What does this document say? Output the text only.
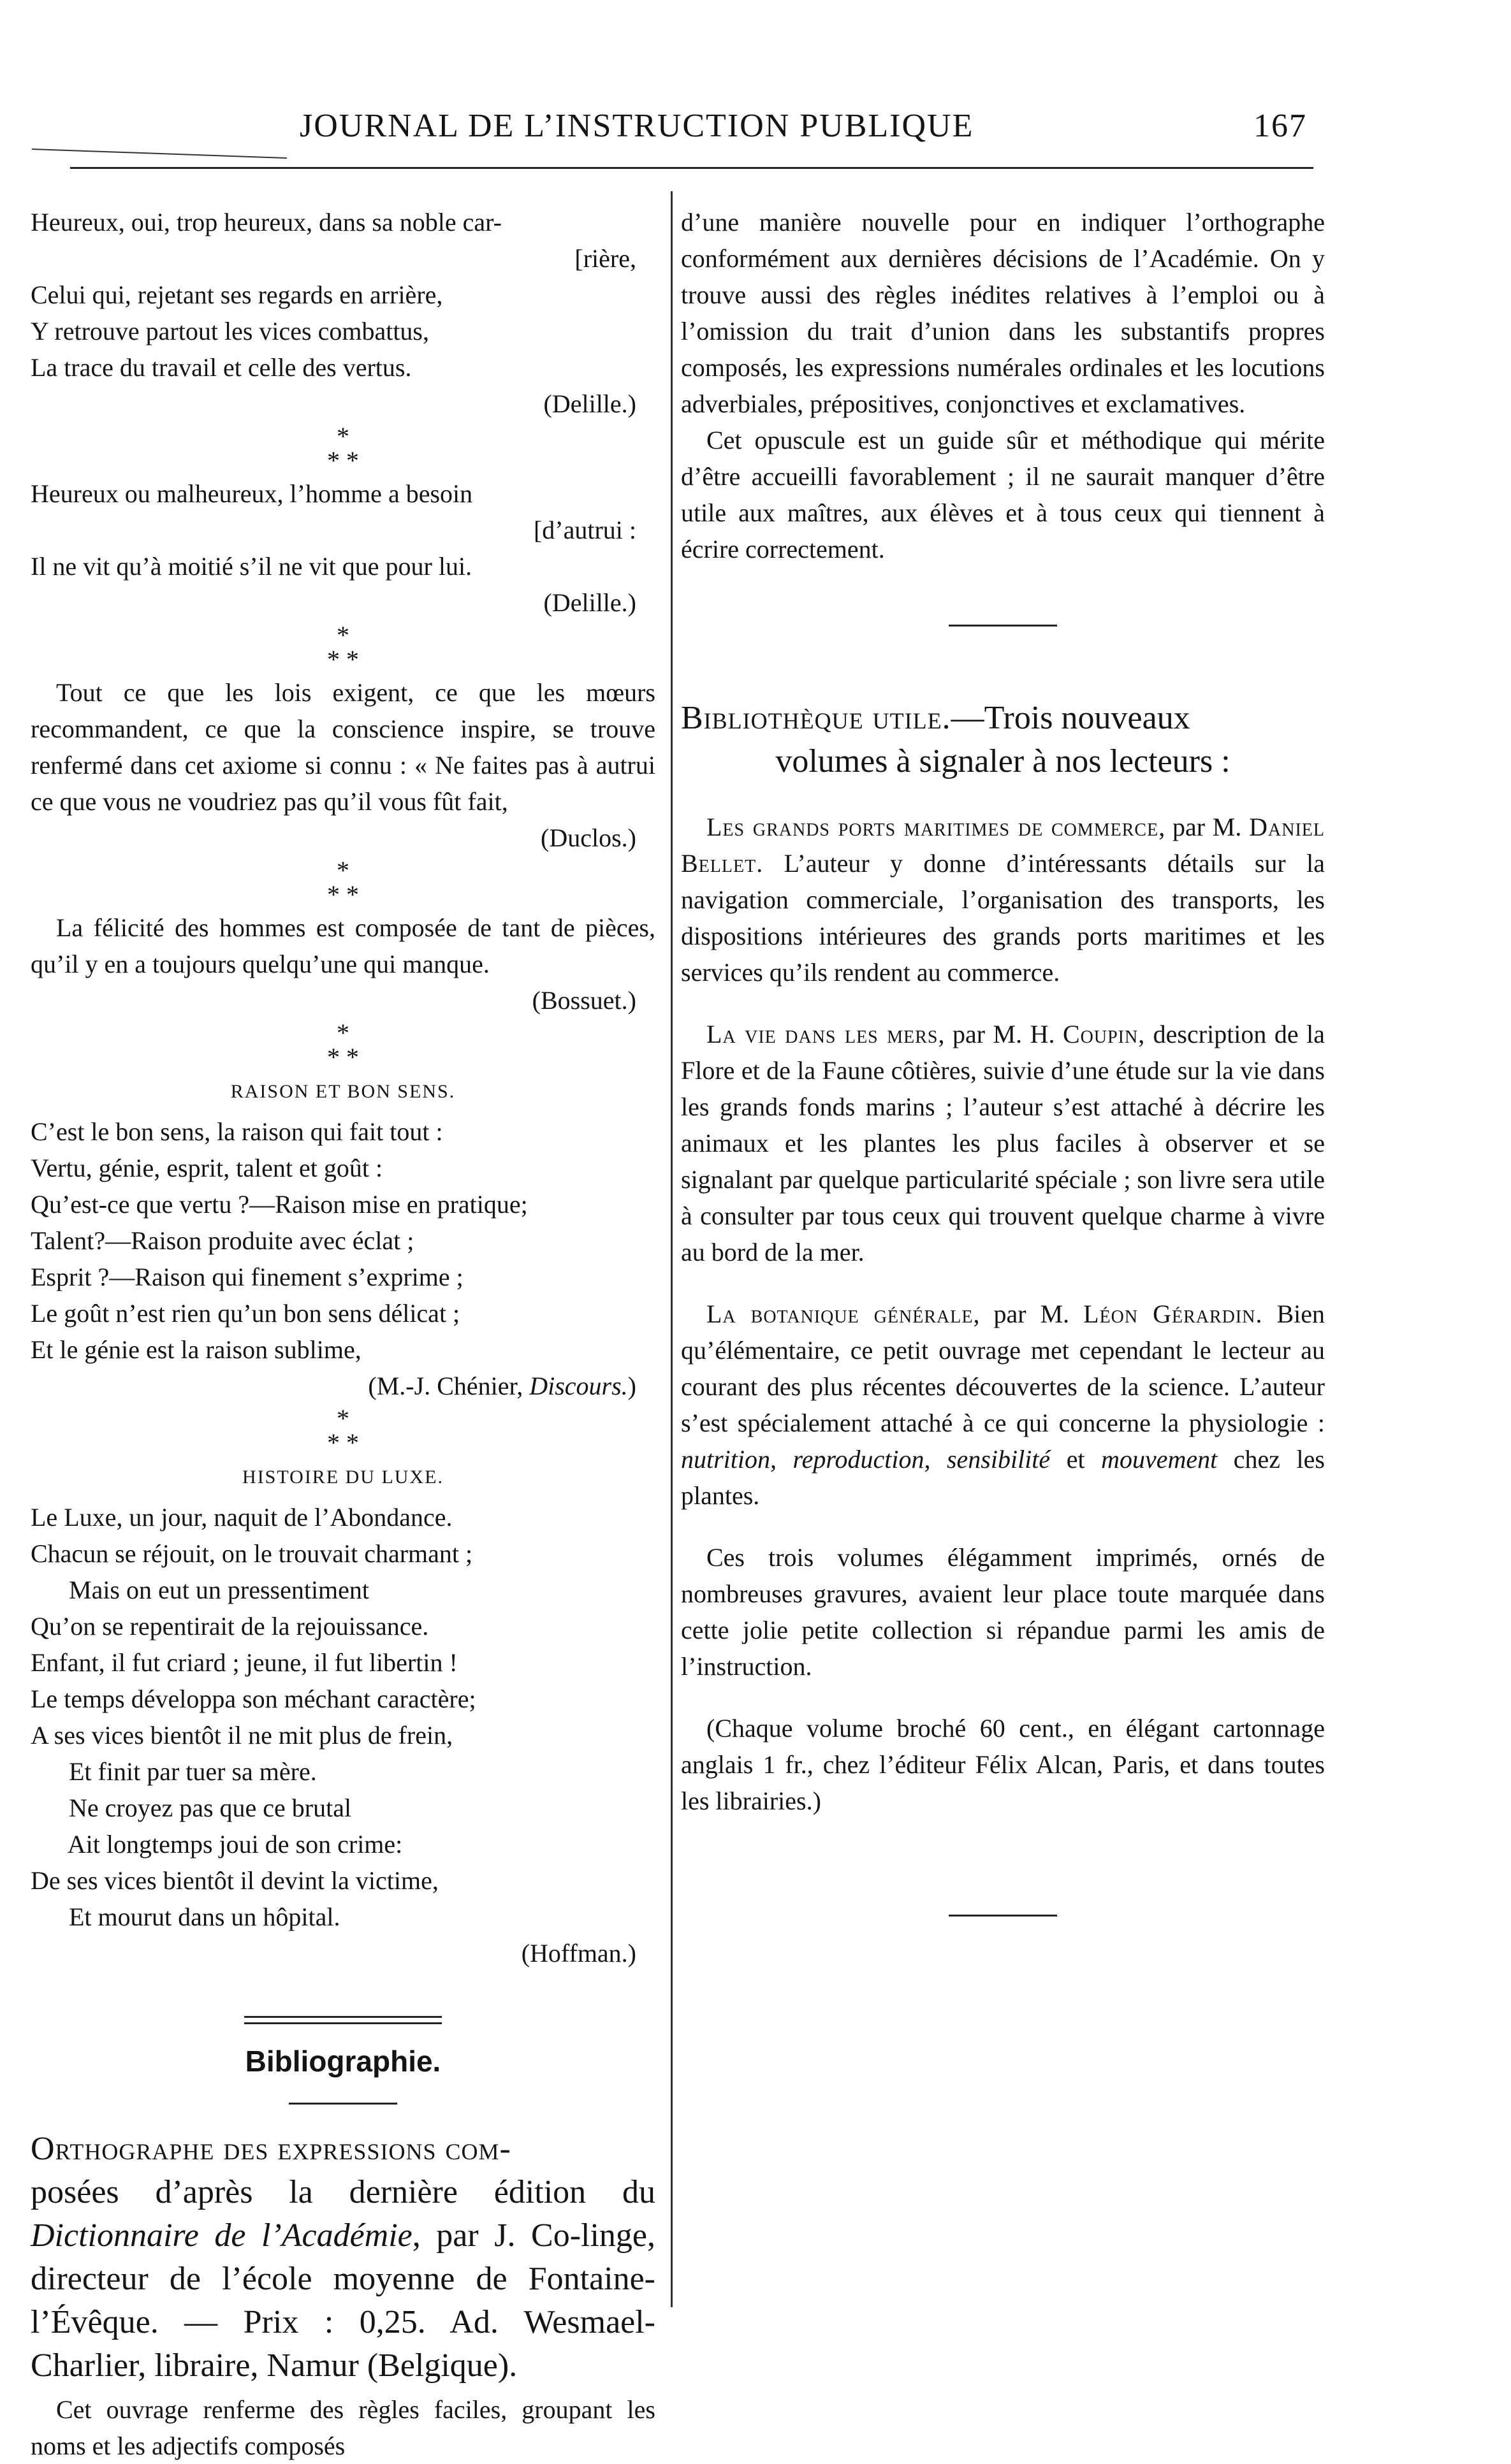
JOURNAL DE L’INSTRUCTION PUBLIQUE	167
Heureux, oui, trop heureux, dans sa noble car-
[rière,
Celui qui, rejetant ses regards en arrière,
Y retrouve partout les vices combattus,
La trace du travail et celle des vertus.
(Delille.)
*
* *
Heureux ou malheureux, l’homme a besoin
[d’autrui :
Il ne vit qu’à moitié s’il ne vit que pour lui.
(Delille.)
*
* *

Tout ce que les lois exigent, ce que les mœurs recommandent, ce que la conscience inspire, se trouve renfermé dans cet axiome si connu : « Ne faites pas à autrui ce que vous ne voudriez pas qu’il vous fût fait,

(Duclos.)
*
* *

La félicité des hommes est composée de tant de pièces, qu’il y en a toujours quelqu’une qui manque.

(Bossuet.)
*
* *
RAISON ET BON SENS.
C’est le bon sens, la raison qui fait tout :
Vertu, génie, esprit, talent et goût :
Qu’est-ce que vertu ?—Raison mise en pratique;
Talent?—Raison produite avec éclat ;
Esprit ?—Raison qui finement s’exprime ;
Le goût n’est rien qu’un bon sens délicat ;
Et le génie est la raison sublime,
(M.-J. Chénier, Discours.)
*
* *
HISTOIRE DU LUXE.
Le Luxe, un jour, naquit de l’Abondance.
Chacun se réjouit, on le trouvait charmant ;
Mais on eut un pressentiment
Qu’on se repentirait de la rejouissance.
Enfant, il fut criard ; jeune, il fut libertin !
Le temps développa son méchant caractère;
A ses vices bientôt il ne mit plus de frein,
Et finit par tuer sa mère.
Ne croyez pas que ce brutal
Ait longtemps joui de son crime:
De ses vices bientôt il devint la victime,
Et mourut dans un hôpital.
(Hoffman.)
Bibliographie.
Orthographe des expressions com-

posées d’après la dernière édition du Dictionnaire de l’Académie, par J. Co-linge, directeur de l’école moyenne de Fontaine-l’Évêque. — Prix : 0,25. Ad. Wesmael-Charlier, libraire, Namur (Belgique).

Cet ouvrage renferme des règles faciles, groupant les noms et les adjectifs composés

d’une manière nouvelle pour en indiquer l’orthographe conformément aux dernières décisions de l’Académie. On y trouve aussi des règles inédites relatives à l’emploi ou à l’omission du trait d’union dans les substantifs propres composés, les expressions numérales ordinales et les locutions adverbiales, prépositives, conjonctives et exclamatives.

Cet opuscule est un guide sûr et méthodique qui mérite d’être accueilli favorablement ; il ne saurait manquer d’être utile aux maîtres, aux élèves et à tous ceux qui tiennent à écrire correctement.

Bibliothèque utile.—Trois nouveaux
volumes à signaler à nos lecteurs :

Les grands ports maritimes de commerce, par M. Daniel Bellet. L’auteur y donne d’intéressants détails sur la navigation commerciale, l’organisation des transports, les dispositions intérieures des grands ports maritimes et les services qu’ils rendent au commerce.

La vie dans les mers, par M. H. Coupin, description de la Flore et de la Faune côtières, suivie d’une étude sur la vie dans les grands fonds marins ; l’auteur s’est attaché à décrire les animaux et les plantes les plus faciles à observer et se signalant par quelque particularité spéciale ; son livre sera utile à consulter par tous ceux qui trouvent quelque charme à vivre au bord de la mer.

La botanique générale, par M. Léon Gérardin. Bien qu’élémentaire, ce petit ouvrage met cependant le lecteur au courant des plus récentes découvertes de la science. L’auteur s’est spécialement attaché à ce qui concerne la physiologie : nutrition, reproduction, sensibilité et mouvement chez les plantes.

Ces trois volumes élégamment imprimés, ornés de nombreuses gravures, avaient leur place toute marquée dans cette jolie petite collection si répandue parmi les amis de l’instruction.

(Chaque volume broché 60 cent., en élégant cartonnage anglais 1 fr., chez l’éditeur Félix Alcan, Paris, et dans toutes les librairies.)
